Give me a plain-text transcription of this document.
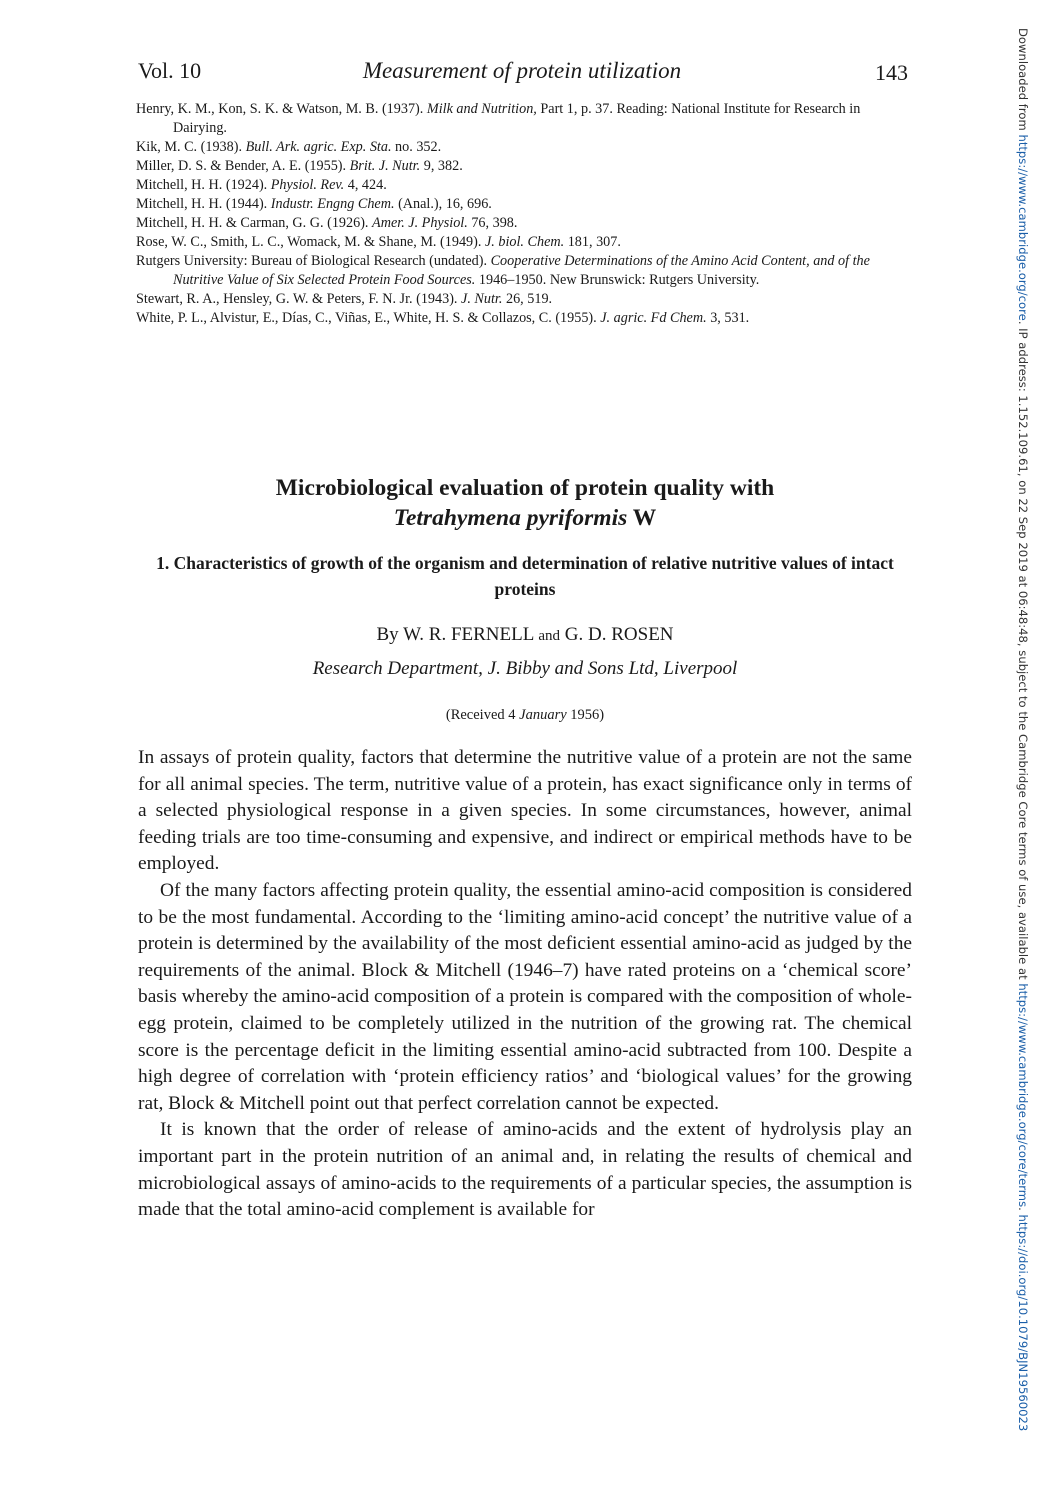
Vol. 10	Measurement of protein utilization	143

Henry, K. M., Kon, S. K. & Watson, M. B. (1937). Milk and Nutrition, Part 1, p. 37. Reading: National Institute for Research in Dairying.

Kik, M. C. (1938). Bull. Ark. agric. Exp. Sta. no. 352.

Miller, D. S. & Bender, A. E. (1955). Brit. J. Nutr. 9, 382.

Mitchell, H. H. (1924). Physiol. Rev. 4, 424.

Mitchell, H. H. (1944). Industr. Engng Chem. (Anal.), 16, 696.

Mitchell, H. H. & Carman, G. G. (1926). Amer. J. Physiol. 76, 398.

Rose, W. C., Smith, L. C., Womack, M. & Shane, M. (1949). J. biol. Chem. 181, 307.

Rutgers University: Bureau of Biological Research (undated). Cooperative Determinations of the Amino Acid Content, and of the Nutritive Value of Six Selected Protein Food Sources. 1946–1950. New Brunswick: Rutgers University.

Stewart, R. A., Hensley, G. W. & Peters, F. N. Jr. (1943). J. Nutr. 26, 519.

White, P. L., Alvistur, E., Días, C., Viñas, E., White, H. S. & Collazos, C. (1955). J. agric. Fd Chem. 3, 531.

Microbiological evaluation of protein quality with
Tetrahymena pyriformis W
1. Characteristics of growth of the organism and determination of relative nutritive values of intact proteins
By W. R. FERNELL and G. D. ROSEN
Research Department, J. Bibby and Sons Ltd, Liverpool
(Received 4 January 1956)

In assays of protein quality, factors that determine the nutritive value of a protein are not the same for all animal species. The term, nutritive value of a protein, has exact significance only in terms of a selected physiological response in a given species. In some circumstances, however, animal feeding trials are too time-consuming and expensive, and indirect or empirical methods have to be employed.

Of the many factors affecting protein quality, the essential amino-acid composition is considered to be the most fundamental. According to the ‘limiting amino-acid concept’ the nutritive value of a protein is determined by the availability of the most deficient essential amino-acid as judged by the requirements of the animal. Block & Mitchell (1946–7) have rated proteins on a ‘chemical score’ basis whereby the amino-acid composition of a protein is compared with the composition of whole-egg protein, claimed to be completely utilized in the nutrition of the growing rat. The chemical score is the percentage deficit in the limiting essential amino-acid subtracted from 100. Despite a high degree of correlation with ‘protein efficiency ratios’ and ‘biological values’ for the growing rat, Block & Mitchell point out that perfect correlation cannot be expected.

It is known that the order of release of amino-acids and the extent of hydrolysis play an important part in the protein nutrition of an animal and, in relating the results of chemical and microbiological assays of amino-acids to the requirements of a particular species, the assumption is made that the total amino-acid complement is available for

Downloaded from https://www.cambridge.org/core. IP address: 1.152.109.61, on 22 Sep 2019 at 06:48:48, subject to the Cambridge Core terms of use, available at https://www.cambridge.org/core/terms. https://doi.org/10.1079/BJN19560023
